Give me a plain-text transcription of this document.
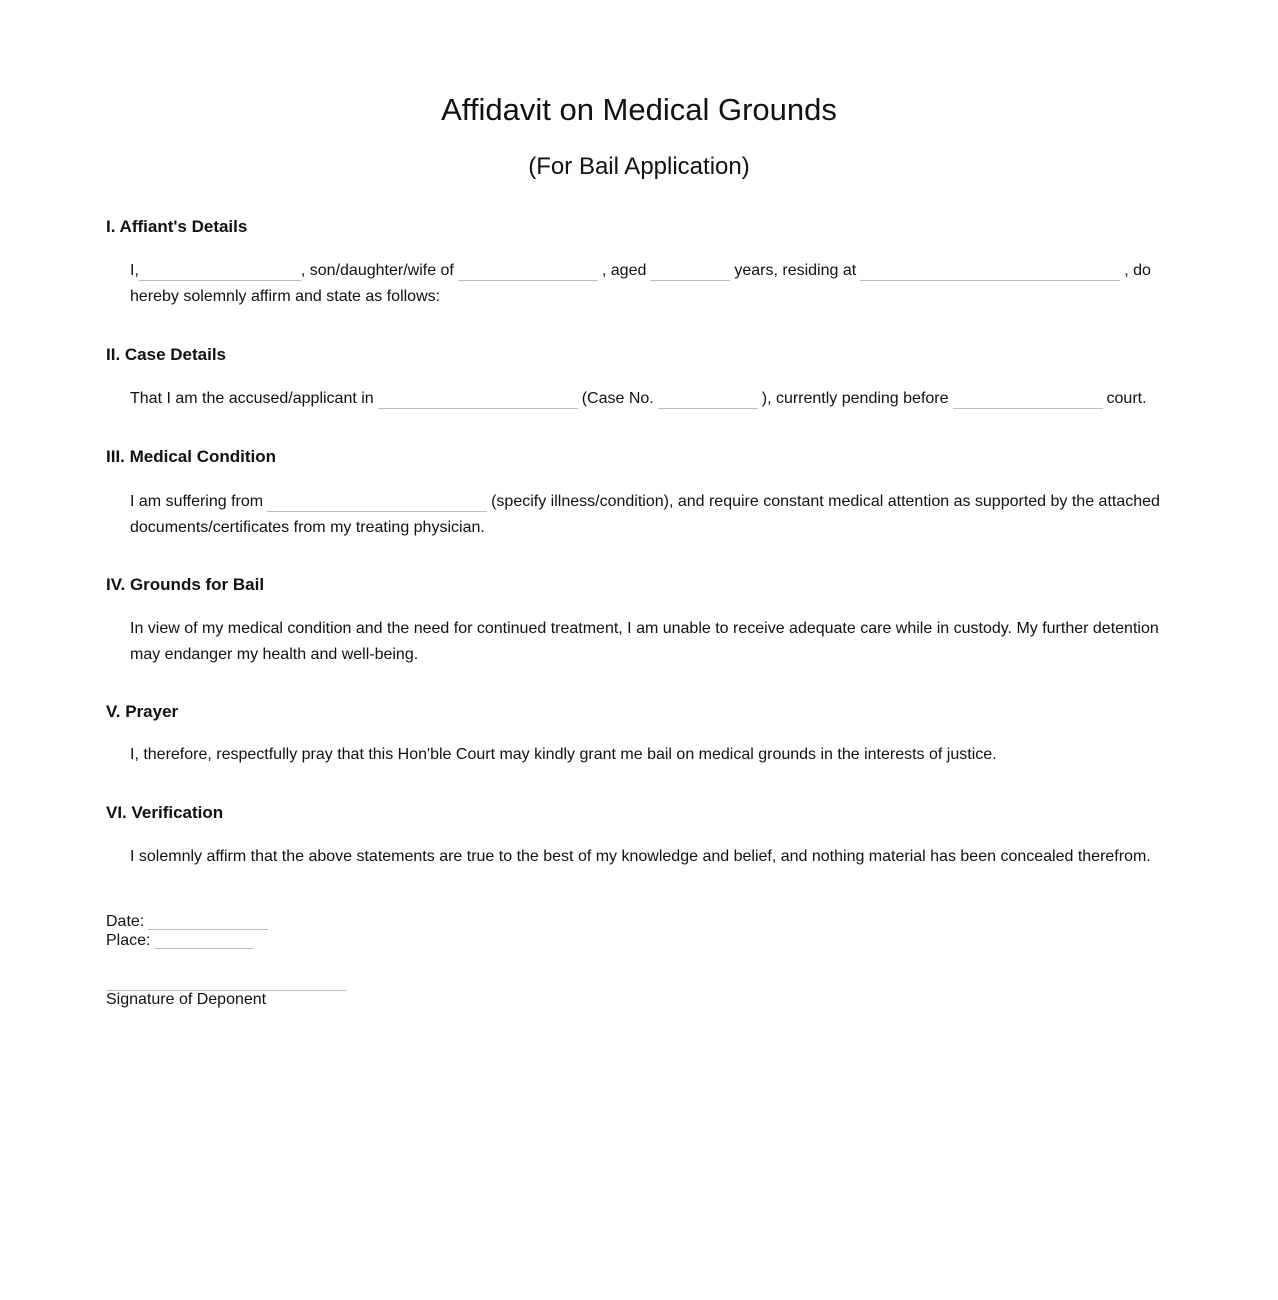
Affidavit on Medical Grounds
(For Bail Application)
I. Affiant's Details

I,	, son/daughter/wife of	, aged	years, residing at	, do hereby solemnly affirm and state as follows:

II. Case Details

That I am the accused/applicant in	(Case No.	), currently pending before	court.

III. Medical Condition

I am suffering from	(specify illness/condition), and require constant medical attention as supported by the attached documents/certificates from my treating physician.

IV. Grounds for Bail

In view of my medical condition and the need for continued treatment, I am unable to receive adequate care while in custody. My further detention may endanger my health and well-being.

V. Prayer

I, therefore, respectfully pray that this Hon'ble Court may kindly grant me bail on medical grounds in the interests of justice.

VI. Verification

I solemnly affirm that the above statements are true to the best of my knowledge and belief, and nothing material has been concealed therefrom.

Date:
Place:
Signature of Deponent
